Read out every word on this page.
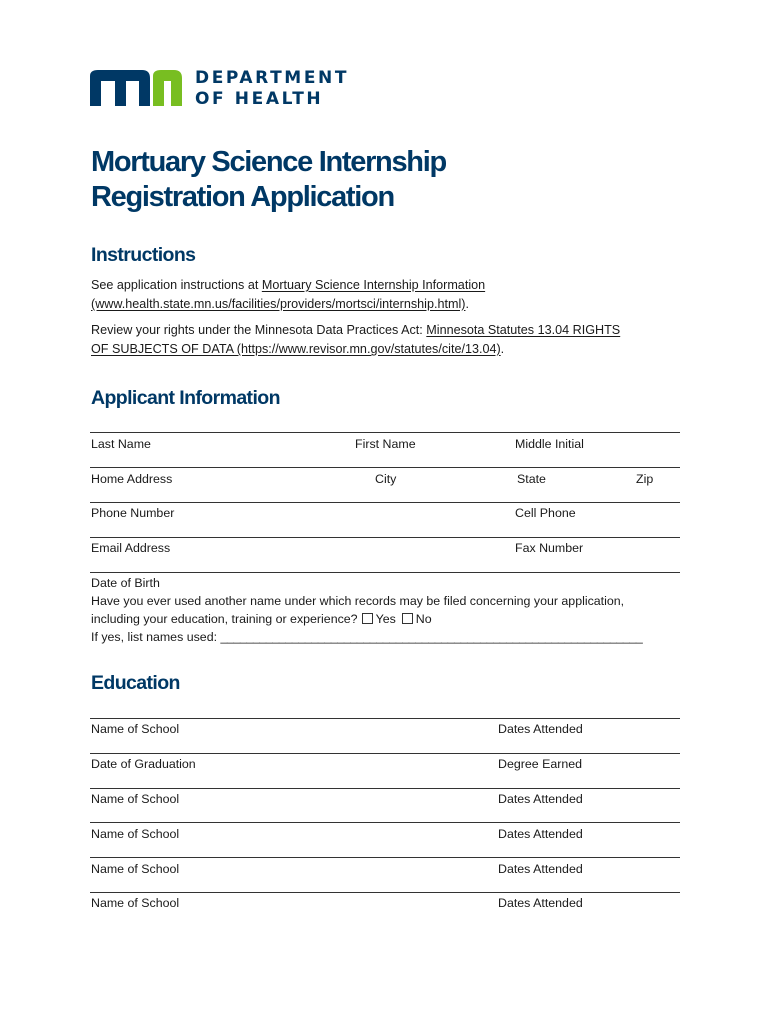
DEPARTMENT
OF HEALTH
Mortuary Science Internship
Registration Application
Instructions
See application instructions at Mortuary Science Internship Information
(www.health.state.mn.us/facilities/providers/mortsci/internship.html).
Review your rights under the Minnesota Data Practices Act: Minnesota Statutes 13.04 RIGHTS
OF SUBJECTS OF DATA (https://www.revisor.mn.gov/statutes/cite/13.04).
Applicant Information
Last Name	First Name	Middle Initial
Home Address	City	State	Zip
Phone Number	Cell Phone
Email Address	Fax Number
Date of Birth
Have you ever used another name under which records may be filed concerning your application,
including your education, training or experience? Yes No
If yes, list names used: _________________________________________________________________
Education
Name of School	Dates Attended
Date of Graduation	Degree Earned
Name of School	Dates Attended
Name of School	Dates Attended
Name of School	Dates Attended
Name of School	Dates Attended
